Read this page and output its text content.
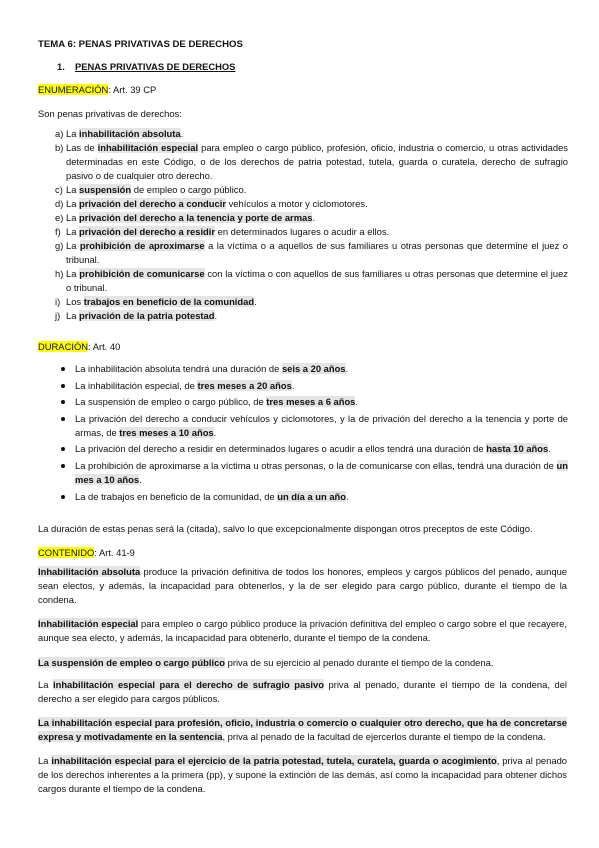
TEMA 6: PENAS PRIVATIVAS DE DERECHOS
1. PENAS PRIVATIVAS DE DERECHOS
ENUMERACIÓN: Art. 39 CP
Son penas privativas de derechos:
a) La inhabilitación absoluta.
b) Las de inhabilitación especial para empleo o cargo público, profesión, oficio, industria o comercio, u otras actividades determinadas en este Código, o de los derechos de patria potestad, tutela, guarda o curatela, derecho de sufragio pasivo o de cualquier otro derecho.
c) La suspensión de empleo o cargo público.
d) La privación del derecho a conducir vehículos a motor y ciclomotores.
e) La privación del derecho a la tenencia y porte de armas.
f) La privación del derecho a residir en determinados lugares o acudir a ellos.
g) La prohibición de aproximarse a la víctima o a aquellos de sus familiares u otras personas que determine el juez o tribunal.
h) La prohibición de comunicarse con la víctima o con aquellos de sus familiares u otras personas que determine el juez o tribunal.
i) Los trabajos en beneficio de la comunidad.
j) La privación de la patria potestad.
DURACIÓN: Art. 40
La inhabilitación absoluta tendrá una duración de seis a 20 años.
La inhabilitación especial, de tres meses a 20 años.
La suspensión de empleo o cargo público, de tres meses a 6 años.
La privación del derecho a conducir vehículos y ciclomotores, y la de privación del derecho a la tenencia y porte de armas, de tres meses a 10 años.
La privación del derecho a residir en determinados lugares o acudir a ellos tendrá una duración de hasta 10 años.
La prohibición de aproximarse a la víctima u otras personas, o la de comunicarse con ellas, tendrá una duración de un mes a 10 años.
La de trabajos en beneficio de la comunidad, de un día a un año.

La duración de estas penas será la (citada), salvo lo que excepcionalmente dispongan otros preceptos de este Código.

CONTENIDO: Art. 41-9

Inhabilitación absoluta produce la privación definitiva de todos los honores, empleos y cargos públicos del penado, aunque sean electos, y además, la incapacidad para obtenerlos, y la de ser elegido para cargo público, durante el tiempo de la condena.

Inhabilitación especial para empleo o cargo público produce la privación definitiva del empleo o cargo sobre el que recayere, aunque sea electo, y además, la incapacidad para obtenerlo, durante el tiempo de la condena.

La suspensión de empleo o cargo público priva de su ejercicio al penado durante el tiempo de la condena.

La inhabilitación especial para el derecho de sufragio pasivo priva al penado, durante el tiempo de la condena, del derecho a ser elegido para cargos públicos.

La inhabilitación especial para profesión, oficio, industria o comercio o cualquier otro derecho, que ha de concretarse expresa y motivadamente en la sentencia, priva al penado de la facultad de ejercerlos durante el tiempo de la condena.

La inhabilitación especial para el ejercicio de la patria potestad, tutela, curatela, guarda o acogimiento, priva al penado de los derechos inherentes a la primera (pp), y supone la extinción de las demás, así como la incapacidad para obtener dichos cargos durante el tiempo de la condena.
